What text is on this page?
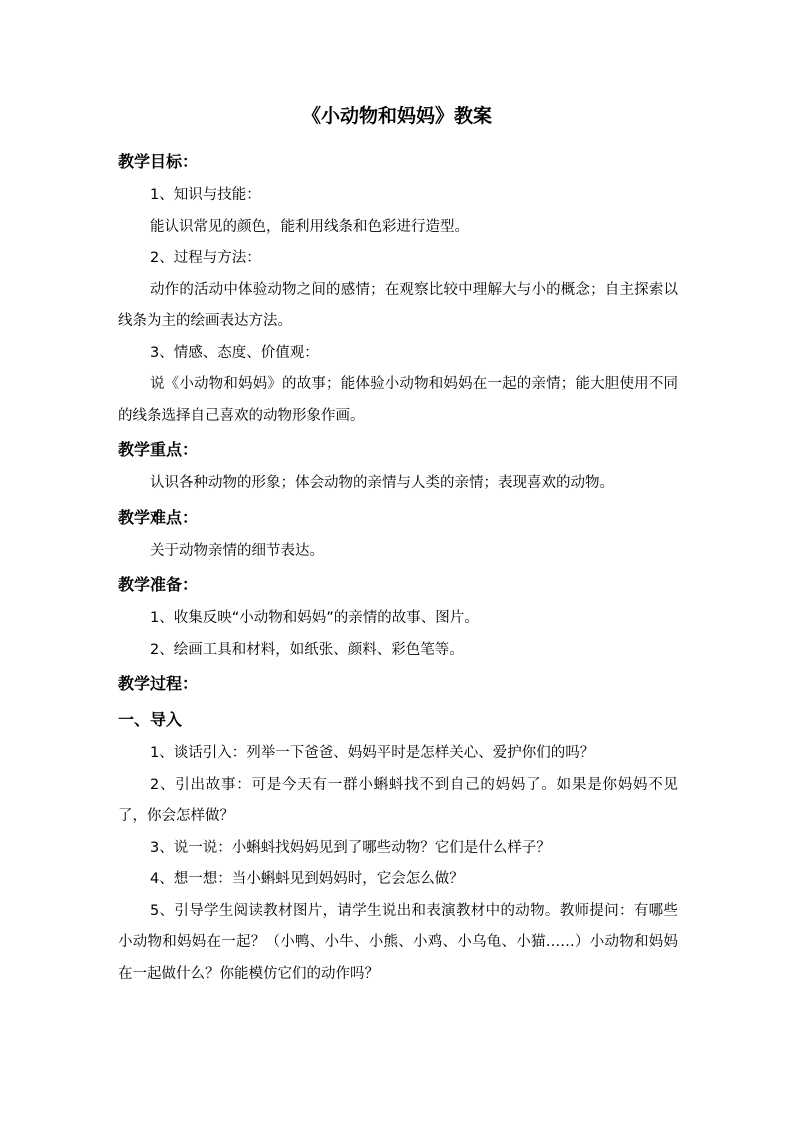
《小动物和妈妈》教案
教学目标：
1、知识与技能：
能认识常见的颜色，能利用线条和色彩进行造型。
2、过程与方法：
动作的活动中体验动物之间的感情；在观察比较中理解大与小的概念；自主探索以线条为主的绘画表达方法。
3、情感、态度、价值观：
说《小动物和妈妈》的故事；能体验小动物和妈妈在一起的亲情；能大胆使用不同的线条选择自己喜欢的动物形象作画。
教学重点：
认识各种动物的形象；体会动物的亲情与人类的亲情；表现喜欢的动物。
教学难点：
关于动物亲情的细节表达。
教学准备：
1、收集反映“小动物和妈妈”的亲情的故事、图片。
2、绘画工具和材料，如纸张、颜料、彩色笔等。
教学过程：
一、导入
1、谈话引入：列举一下爸爸、妈妈平时是怎样关心、爱护你们的吗？
2、引出故事：可是今天有一群小蝌蚪找不到自己的妈妈了。如果是你妈妈不见了，你会怎样做？
3、说一说：小蝌蚪找妈妈见到了哪些动物？它们是什么样子？
4、想一想：当小蝌蚪见到妈妈时，它会怎么做？
5、引导学生阅读教材图片，请学生说出和表演教材中的动物。教师提问：有哪些小动物和妈妈在一起？（小鸭、小牛、小熊、小鸡、小乌龟、小猫……）小动物和妈妈在一起做什么？你能模仿它们的动作吗？
